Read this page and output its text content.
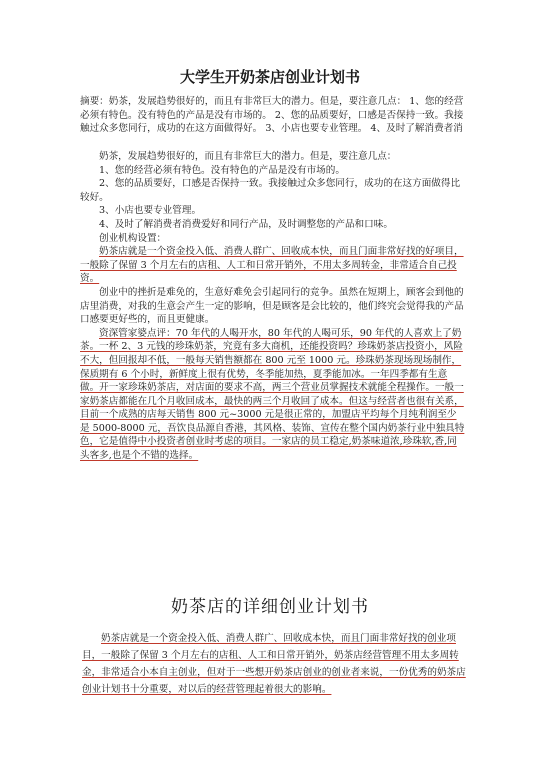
大学生开奶茶店创业计划书

摘要：奶茶，发展趋势很好的，而且有非常巨大的潜力。但是，要注意几点： 1、您的经营必须有特色。没有特色的产品是没有市场的。 2、您的品质要好，口感是否保持一致。我接触过众多您同行，成功的在这方面做得好。 3、小店也要专业管理。 4、及时了解消费者消

奶茶，发展趋势很好的，而且有非常巨大的潜力。但是，要注意几点：

1、您的经营必须有特色。没有特色的产品是没有市场的。

2、您的品质要好，口感是否保持一致。我接触过众多您同行，成功的在这方面做得比较好。

3、小店也要专业管理。

4、及时了解消费者消费爱好和同行产品，及时调整您的产品和口味。

创业机构设置：

奶茶店就是一个资金投入低、消费人群广、回收成本快，而且门面非常好找的好项目，一般除了保留 3 个月左右的店租、人工和日常开销外，不用太多周转金，非常适合自己投资。

创业中的挫折是难免的，生意好难免会引起同行的竞争。虽然在短期上，顾客会到他的店里消费，对我的生意会产生一定的影响，但是顾客是会比较的，他们终究会觉得我的产品口感要更好些的，而且更健康。

资深管家婆点评：70 年代的人喝开水，80 年代的人喝可乐，90 年代的人喜欢上了奶茶。一杯 2、3 元钱的珍珠奶茶，究竟有多大商机，还能投资吗？珍珠奶茶店投资小，风险不大，但回报却不低，一般每天销售额都在 800 元至 1000 元。珍珠奶茶现场现场制作，保质期有 6 个小时，新鲜度上很有优势，冬季能加热，夏季能加冰。一年四季都有生意做。开一家珍珠奶茶店，对店面的要求不高，两三个营业员掌握技术就能全程操作。一般一家奶茶店都能在几个月收回成本，最快的两三个月收回了成本。但这与经营者也很有关系，目前一个成熟的店每天销售 800 元~3000 元是很正常的，加盟店平均每个月纯利润至少是 5000-8000 元，吾饮良品源自香港，其风格、装饰、宣传在整个国内奶茶行业中独具特色，它是值得中小投资者创业时考虑的项目。一家店的员工稳定,奶茶味道浓,珍珠软,香,同头客多,也是个不错的选择。

奶茶店的详细创业计划书

奶茶店就是一个资金投入低、消费人群广、回收成本快，而且门面非常好找的创业项目，一般除了保留 3 个月左右的店租、人工和日常开销外，奶茶店经营管理不用太多周转金，非常适合小本自主创业，但对于一些想开奶茶店创业的创业者来说，一份优秀的奶茶店创业计划书十分重要，对以后的经营管理起着很大的影响。
